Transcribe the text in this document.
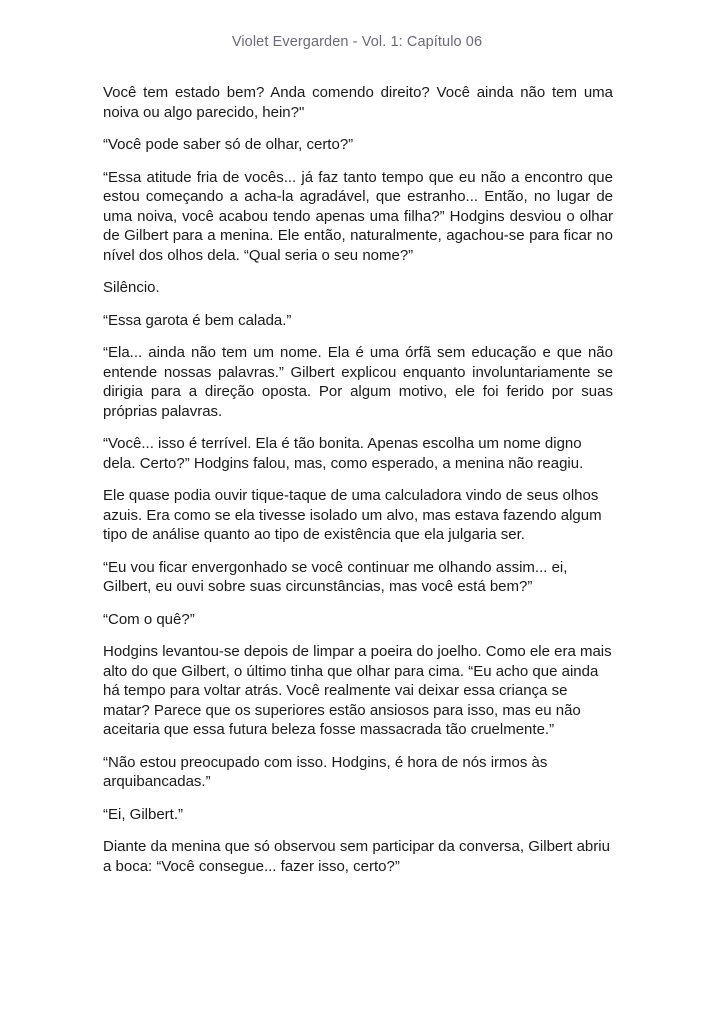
Violet Evergarden - Vol. 1: Capítulo 06

Você tem estado bem? Anda comendo direito? Você ainda não tem uma noiva ou algo parecido, hein?"

“Você pode saber só de olhar, certo?”

“Essa atitude fria de vocês... já faz tanto tempo que eu não a encontro que estou começando a acha-la agradável, que estranho... Então, no lugar de uma noiva, você acabou tendo apenas uma filha?” Hodgins desviou o olhar de Gilbert para a menina. Ele então, naturalmente, agachou-se para ficar no nível dos olhos dela. “Qual seria o seu nome?”

Silêncio.

“Essa garota é bem calada.”

“Ela... ainda não tem um nome. Ela é uma órfã sem educação e que não entende nossas palavras.” Gilbert explicou enquanto involuntariamente se dirigia para a direção oposta. Por algum motivo, ele foi ferido por suas próprias palavras.

“Você... isso é terrível. Ela é tão bonita. Apenas escolha um nome digno dela. Certo?” Hodgins falou, mas, como esperado, a menina não reagiu.

Ele quase podia ouvir tique-taque de uma calculadora vindo de seus olhos azuis. Era como se ela tivesse isolado um alvo, mas estava fazendo algum tipo de análise quanto ao tipo de existência que ela julgaria ser.

“Eu vou ficar envergonhado se você continuar me olhando assim... ei, Gilbert, eu ouvi sobre suas circunstâncias, mas você está bem?”

“Com o quê?”

Hodgins levantou-se depois de limpar a poeira do joelho. Como ele era mais alto do que Gilbert, o último tinha que olhar para cima. “Eu acho que ainda há tempo para voltar atrás. Você realmente vai deixar essa criança se matar? Parece que os superiores estão ansiosos para isso, mas eu não aceitaria que essa futura beleza fosse massacrada tão cruelmente.”

“Não estou preocupado com isso. Hodgins, é hora de nós irmos às arquibancadas.”

“Ei, Gilbert.”

Diante da menina que só observou sem participar da conversa, Gilbert abriu a boca: “Você consegue... fazer isso, certo?”
